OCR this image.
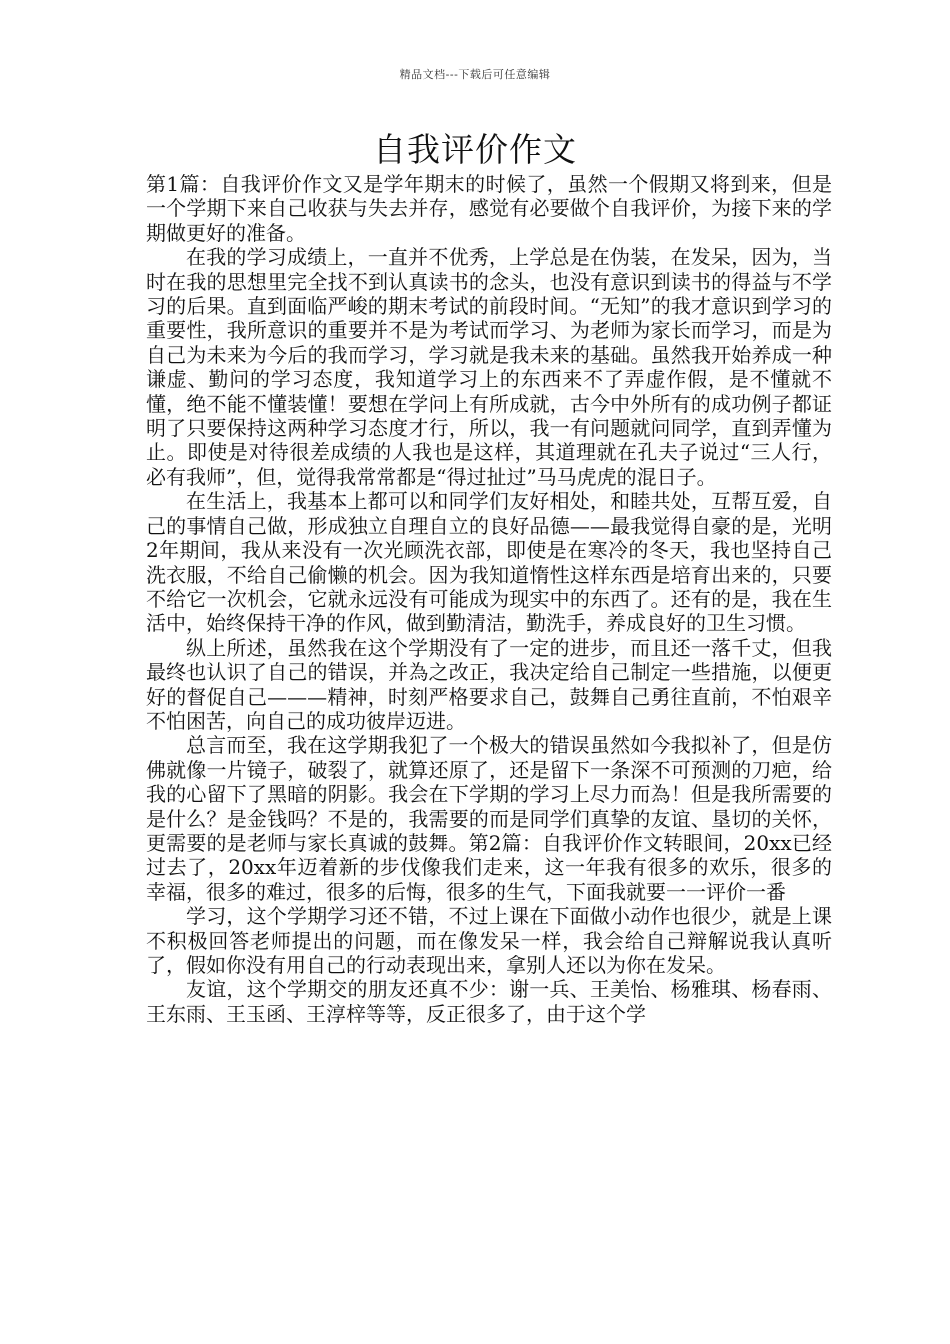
精品文档---下载后可任意编辑
自我评价作文

第1篇：自我评价作文又是学年期末的时候了，虽然一个假期又将到来，但是一个学期下来自己收获与失去并存，感觉有必要做个自我评价，为接下来的学期做更好的准备。

在我的学习成绩上，一直并不优秀，上学总是在伪装，在发呆，因为，当时在我的思想里完全找不到认真读书的念头，也没有意识到读书的得益与不学习的后果。直到面临严峻的期末考试的前段时间。“无知”的我才意识到学习的重要性，我所意识的重要并不是为考试而学习、为老师为家长而学习，而是为自己为未来为今后的我而学习，学习就是我未来的基础。虽然我开始养成一种谦虚、勤问的学习态度，我知道学习上的东西来不了弄虚作假，是不懂就不懂，绝不能不懂装懂！要想在学问上有所成就，古今中外所有的成功例子都证明了只要保持这两种学习态度才行，所以，我一有问题就问同学，直到弄懂为止。即使是对待很差成绩的人我也是这样，其道理就在孔夫子说过“三人行，必有我师”，但，觉得我常常都是“得过扯过”马马虎虎的混日子。

在生活上，我基本上都可以和同学们友好相处，和睦共处，互帮互爱，自己的事情自己做，形成独立自理自立的良好品德——最我觉得自豪的是，光明2年期间，我从来没有一次光顾洗衣部，即使是在寒冷的冬天，我也坚持自己洗衣服，不给自己偷懒的机会。因为我知道惰性这样东西是培育出来的，只要不给它一次机会，它就永远没有可能成为现实中的东西了。还有的是，我在生活中，始终保持干净的作风，做到勤清洁，勤洗手，养成良好的卫生习惯。

纵上所述，虽然我在这个学期没有了一定的进步，而且还一落千丈，但我最终也认识了自己的错误，并為之改正，我决定给自己制定一些措施，以便更好的督促自己———精神，时刻严格要求自己，鼓舞自己勇往直前，不怕艰辛不怕困苦，向自己的成功彼岸迈进。

总言而至，我在这学期我犯了一个极大的错误虽然如今我拟补了，但是仿佛就像一片镜子，破裂了，就算还原了，还是留下一条深不可预测的刀疤，给我的心留下了黑暗的阴影。我会在下学期的学习上尽力而為！但是我所需要的是什么？是金钱吗？不是的，我需要的而是同学们真挚的友谊、垦切的关怀，更需要的是老师与家长真诚的鼓舞。第2篇：自我评价作文转眼间，20xx已经过去了，20xx年迈着新的步伐像我们走来，这一年我有很多的欢乐，很多的幸福，很多的难过，很多的后悔，很多的生气，下面我就要一一评价一番

学习，这个学期学习还不错，不过上课在下面做小动作也很少，就是上课不积极回答老师提出的问题，而在像发呆一样，我会给自己辩解说我认真听了，假如你没有用自己的行动表现出来，拿别人还以为你在发呆。

友谊，这个学期交的朋友还真不少：谢一兵、王美怡、杨雅琪、杨春雨、王东雨、王玉函、王淳梓等等，反正很多了，由于这个学
